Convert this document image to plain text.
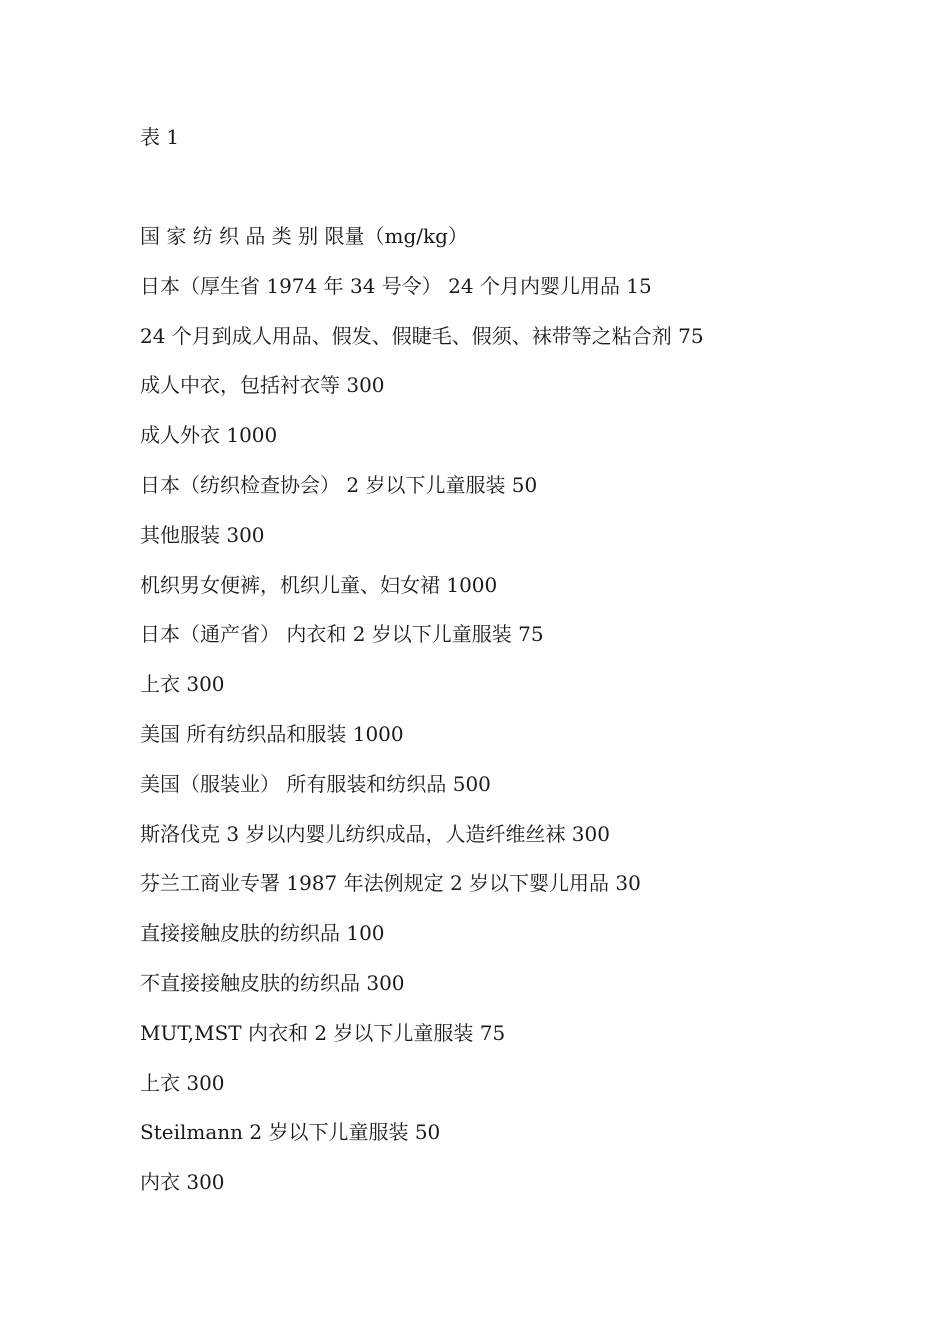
表 1
国 家 纺 织 品 类 别 限量（mg/kg）
日本（厚生省 1974 年 34 号令） 24 个月内婴儿用品 15
24 个月到成人用品、假发、假睫毛、假须、袜带等之粘合剂 75
成人中衣，包括衬衣等 300
成人外衣 1000
日本（纺织检查协会） 2 岁以下儿童服装 50
其他服装 300
机织男女便裤，机织儿童、妇女裙 1000
日本（通产省） 内衣和 2 岁以下儿童服装 75
上衣 300
美国 所有纺织品和服装 1000
美国（服装业） 所有服装和纺织品 500
斯洛伐克 3 岁以内婴儿纺织成品，人造纤维丝袜 300
芬兰工商业专署 1987 年法例规定 2 岁以下婴儿用品 30
直接接触皮肤的纺织品 100
不直接接触皮肤的纺织品 300
MUT,MST 内衣和 2 岁以下儿童服装 75
上衣 300
Steilmann 2 岁以下儿童服装 50
内衣 300
